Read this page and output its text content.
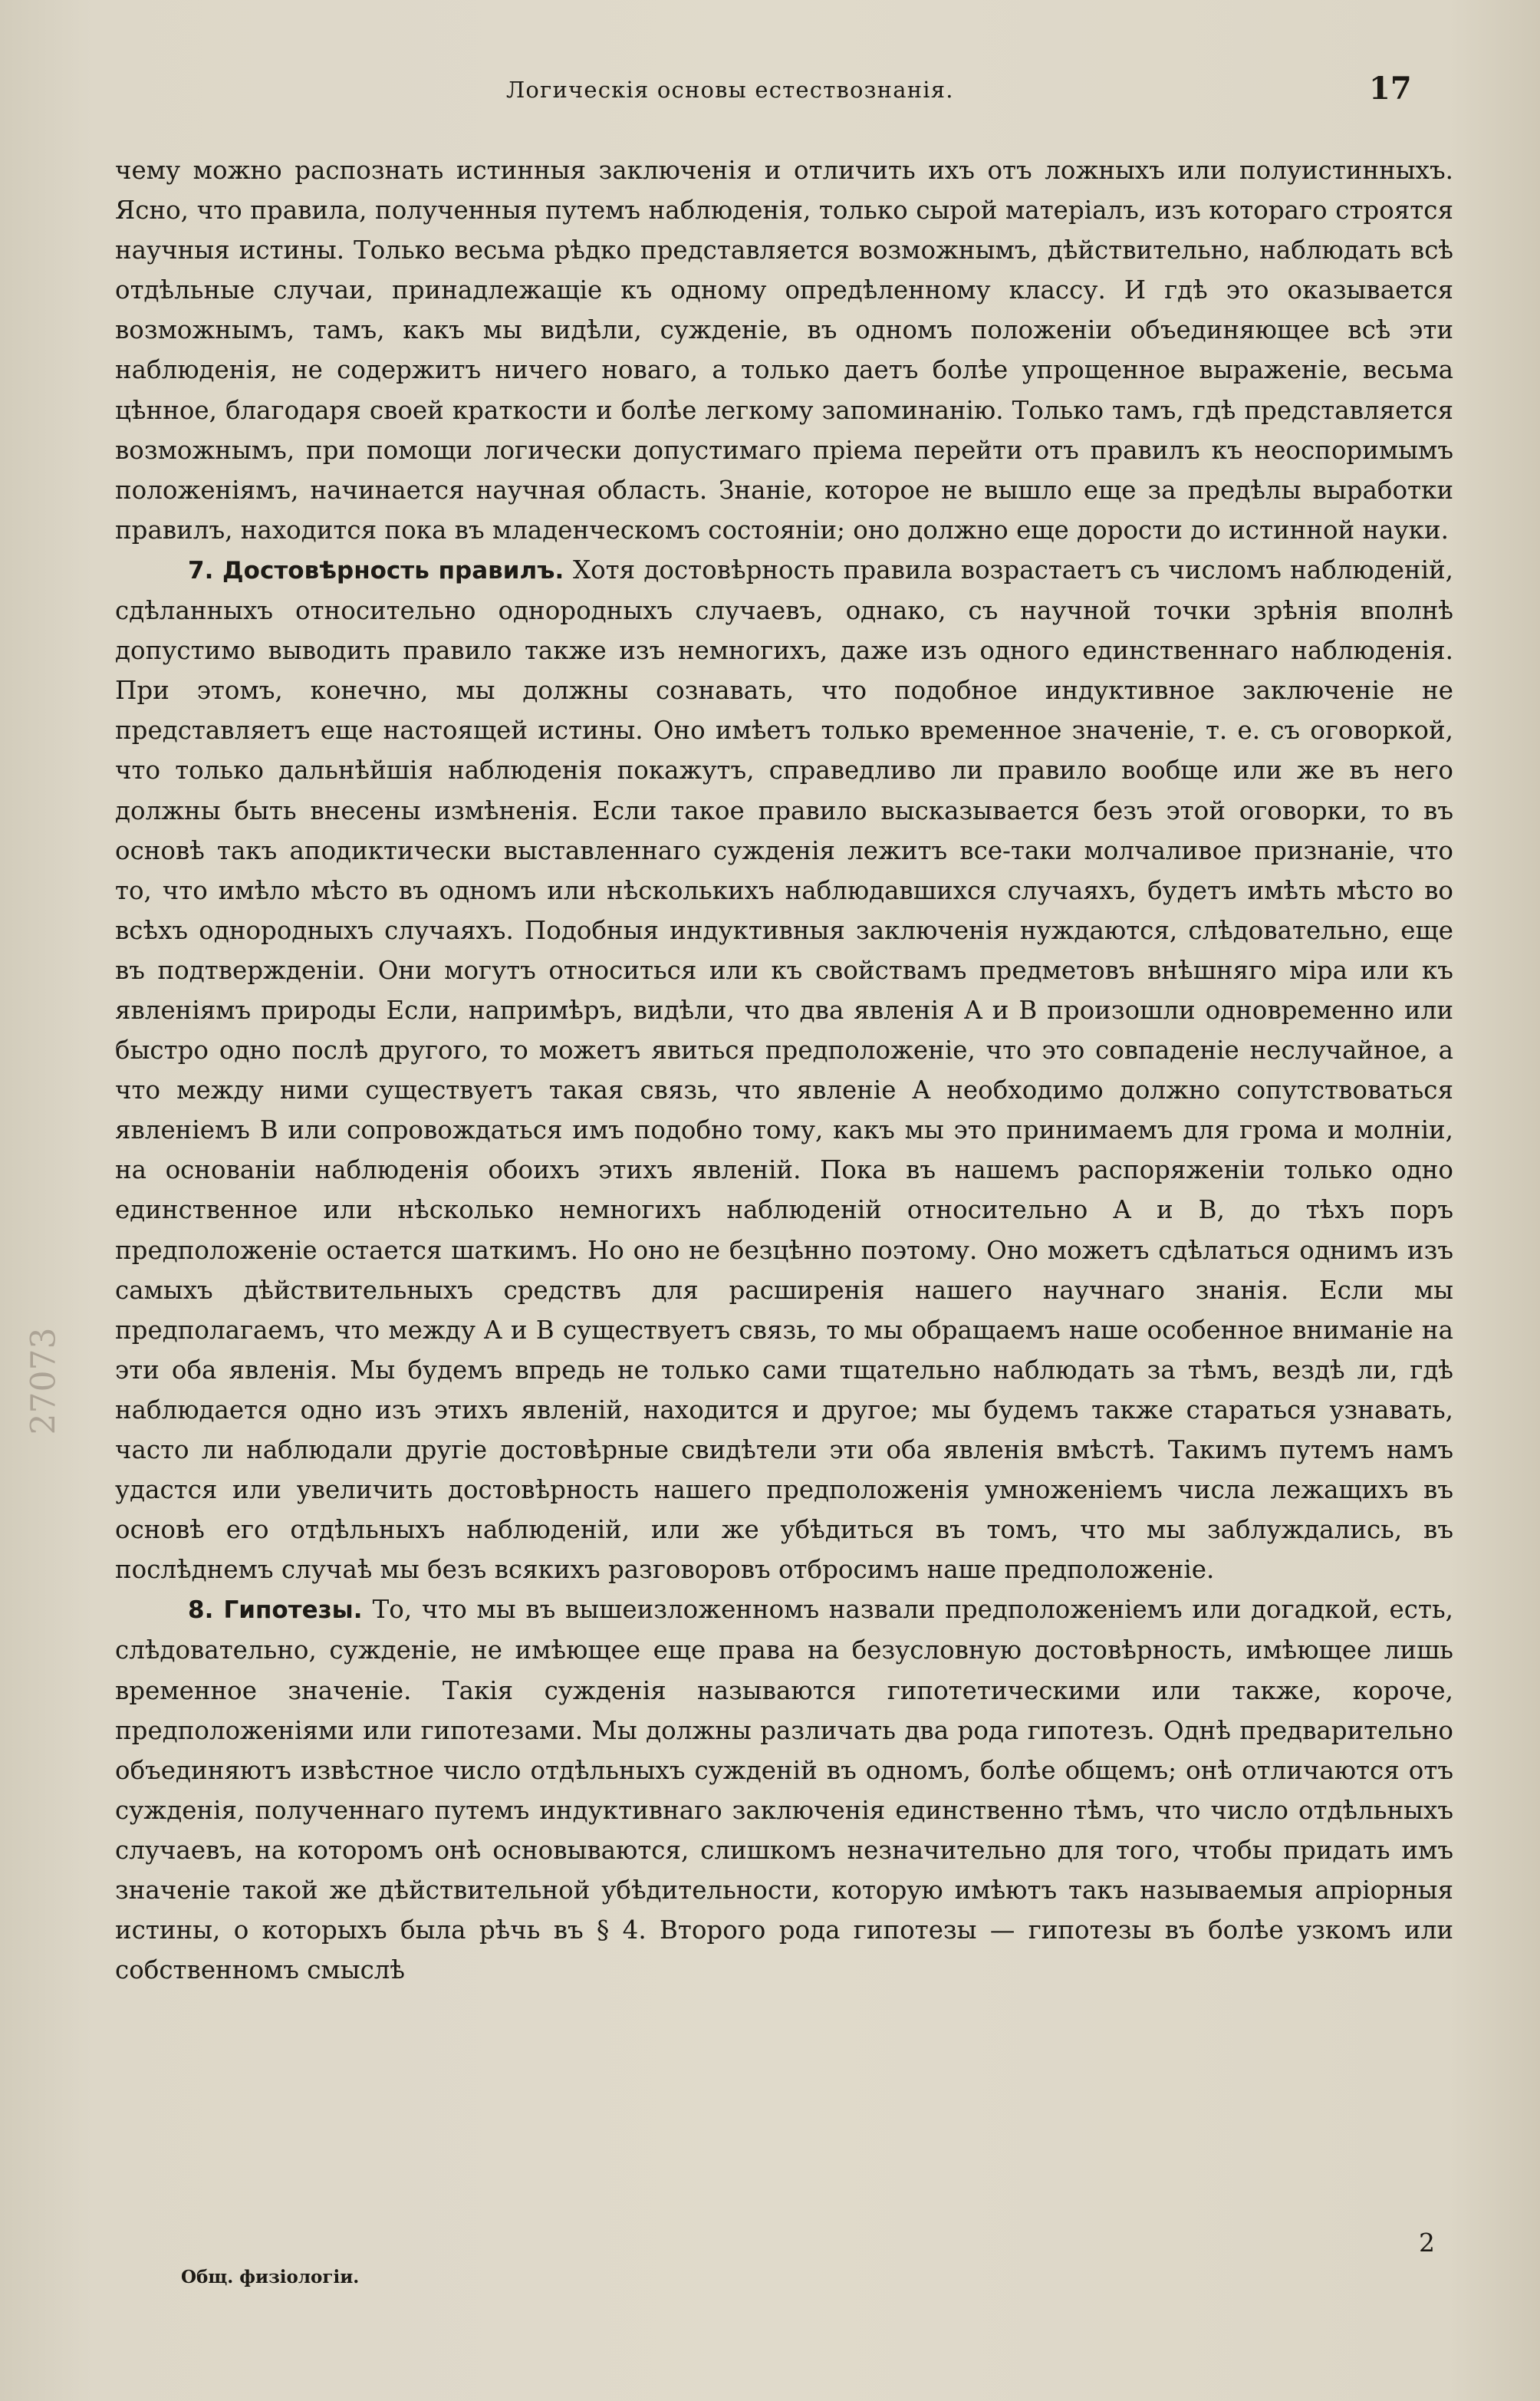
Логическія основы естествознанія.	17

чему можно распознать истинныя заключенія и отличить ихъ отъ ложныхъ или полуистинныхъ. Ясно, что правила, полученныя путемъ наблюденія, только сырой матеріалъ, изъ котораго строятся научныя истины. Только весьма рѣдко представляется возможнымъ, дѣйствительно, наблюдать всѣ отдѣльные случаи, принадлежащіе къ одному опредѣленному классу. И гдѣ это оказывается возможнымъ, тамъ, какъ мы видѣли, сужденіе, въ одномъ положеніи объединяющее всѣ эти наблюденія, не содержитъ ничего новаго, а только даетъ болѣе упрощенное выраженіе, весьма цѣнное, благодаря своей краткости и болѣе легкому запоминанію. Только тамъ, гдѣ представляется возможнымъ, при помощи логически допустимаго пріема перейти отъ правилъ къ неоспоримымъ положеніямъ, начинается научная область. Знаніе, которое не вышло еще за предѣлы выработки правилъ, находится пока въ младенческомъ состояніи; оно должно еще дорости до истинной науки.

7. Достовѣрность правилъ. Хотя достовѣрность правила возрастаетъ съ числомъ наблюденій, сдѣланныхъ относительно однородныхъ случаевъ, однако, съ научной точки зрѣнія вполнѣ допустимо выводить правило также изъ немногихъ, даже изъ одного единственнаго наблюденія. При этомъ, конечно, мы должны сознавать, что подобное индуктивное заключеніе не представляетъ еще настоящей истины. Оно имѣетъ только временное значеніе, т. е. съ оговоркой, что только дальнѣйшія наблюденія покажутъ, справедливо ли правило вообще или же въ него должны быть внесены измѣненія. Если такое правило высказывается безъ этой оговорки, то въ основѣ такъ аподиктически выставленнаго сужденія лежитъ все-таки молчаливое признаніе, что то, что имѣло мѣсто въ одномъ или нѣсколькихъ наблюдавшихся случаяхъ, будетъ имѣть мѣсто во всѣхъ однородныхъ случаяхъ. Подобныя индуктивныя заключенія нуждаются, слѣдовательно, еще въ подтвержденіи. Они могутъ относиться или къ свойствамъ предметовъ внѣшняго міра или къ явленіямъ природы Если, напримѣръ, видѣли, что два явленія A и B произошли одновременно или быстро одно послѣ другого, то можетъ явиться предположеніе, что это совпаденіе неслучайное, а что между ними существуетъ такая связь, что явленіе A необходимо должно сопутствоваться явленіемъ B или сопровождаться имъ подобно тому, какъ мы это принимаемъ для грома и молніи, на основаніи наблюденія обоихъ этихъ явленій. Пока въ нашемъ распоряженіи только одно единственное или нѣсколько немногихъ наблюденій относительно A и B, до тѣхъ поръ предположеніе остается шаткимъ. Но оно не безцѣнно поэтому. Оно можетъ сдѣлаться однимъ изъ самыхъ дѣйствительныхъ средствъ для расширенія нашего научнаго знанія. Если мы предполагаемъ, что между A и B существуетъ связь, то мы обращаемъ наше особенное вниманіе на эти оба явленія. Мы будемъ впредь не только сами тщательно наблюдать за тѣмъ, вездѣ ли, гдѣ наблюдается одно изъ этихъ явленій, находится и другое; мы будемъ также стараться узнавать, часто ли наблюдали другіе достовѣрные свидѣтели эти оба явленія вмѣстѣ. Такимъ путемъ намъ удастся или увеличить достовѣрность нашего предположенія умноженіемъ числа лежащихъ въ основѣ его отдѣльныхъ наблюденій, или же убѣдиться въ томъ, что мы заблуждались, въ послѣднемъ случаѣ мы безъ всякихъ разговоровъ отбросимъ наше предположеніе.

8. Гипотезы. То, что мы въ вышеизложенномъ назвали предположеніемъ или догадкой, есть, слѣдовательно, сужденіе, не имѣющее еще права на безусловную достовѣрность, имѣющее лишь временное значеніе. Такія сужденія называются гипотетическими или также, короче, предположеніями или гипотезами. Мы должны различать два рода гипотезъ. Однѣ предварительно объединяютъ извѣстное число отдѣльныхъ сужденій въ одномъ, болѣе общемъ; онѣ отличаются отъ сужденія, полученнаго путемъ индуктивнаго заключенія единственно тѣмъ, что число отдѣльныхъ случаевъ, на которомъ онѣ основываются, слишкомъ незначительно для того, чтобы придать имъ значеніе такой же дѣйствительной убѣдительности, которую имѣютъ такъ называемыя апріорныя истины, о которыхъ была рѣчь въ § 4. Второго рода гипотезы — гипотезы въ болѣе узкомъ или собственномъ смыслѣ

27073
Общ. физіологіи.
2
